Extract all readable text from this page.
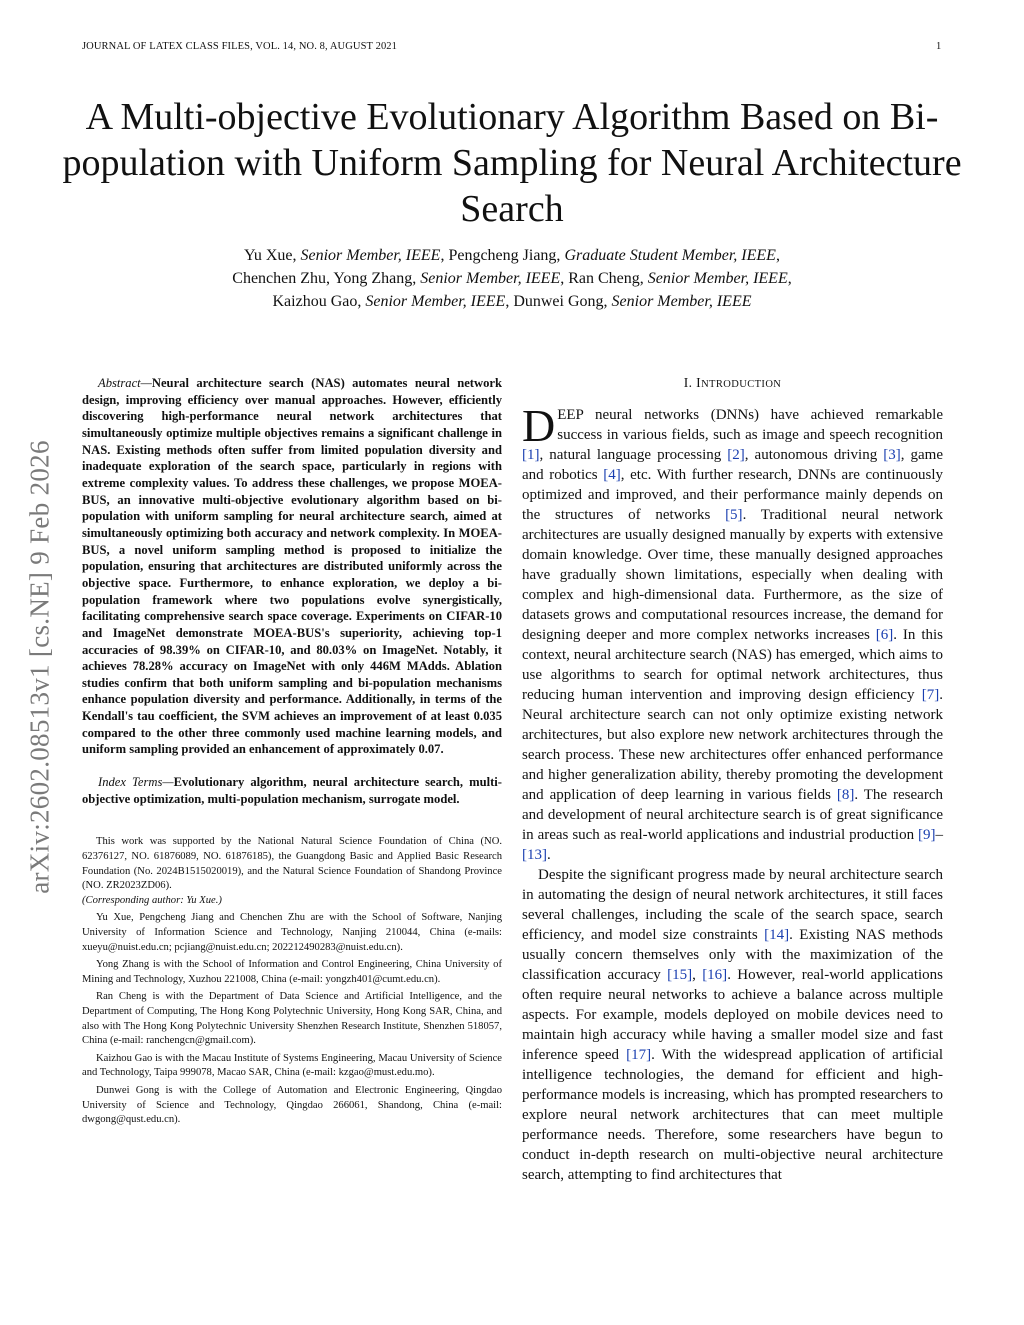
JOURNAL OF LATEX CLASS FILES, VOL. 14, NO. 8, AUGUST 2021	1
A Multi-objective Evolutionary Algorithm Based on Bi-population with Uniform Sampling for Neural Architecture Search
Yu Xue, Senior Member, IEEE, Pengcheng Jiang, Graduate Student Member, IEEE,
Chenchen Zhu, Yong Zhang, Senior Member, IEEE, Ran Cheng, Senior Member, IEEE,
Kaizhou Gao, Senior Member, IEEE, Dunwei Gong, Senior Member, IEEE
arXiv:2602.08513v1 [cs.NE] 9 Feb 2026

Abstract—Neural architecture search (NAS) automates neural network design, improving efficiency over manual approaches. However, efficiently discovering high-performance neural network architectures that simultaneously optimize multiple objectives remains a significant challenge in NAS. Existing methods often suffer from limited population diversity and inadequate exploration of the search space, particularly in regions with extreme complexity values. To address these challenges, we propose MOEA-BUS, an innovative multi-objective evolutionary algorithm based on bi-population with uniform sampling for neural architecture search, aimed at simultaneously optimizing both accuracy and network complexity. In MOEA-BUS, a novel uniform sampling method is proposed to initialize the population, ensuring that architectures are distributed uniformly across the objective space. Furthermore, to enhance exploration, we deploy a bi-population framework where two populations evolve synergistically, facilitating comprehensive search space coverage. Experiments on CIFAR-10 and ImageNet demonstrate MOEA-BUS's superiority, achieving top-1 accuracies of 98.39% on CIFAR-10, and 80.03% on ImageNet. Notably, it achieves 78.28% accuracy on ImageNet with only 446M MAdds. Ablation studies confirm that both uniform sampling and bi-population mechanisms enhance population diversity and performance. Additionally, in terms of the Kendall's tau coefficient, the SVM achieves an improvement of at least 0.035 compared to the other three commonly used machine learning models, and uniform sampling provided an enhancement of approximately 0.07.

Index Terms—Evolutionary algorithm, neural architecture search, multi-objective optimization, multi-population mechanism, surrogate model.

This work was supported by the National Natural Science Foundation of China (NO. 62376127, NO. 61876089, NO. 61876185), the Guangdong Basic and Applied Basic Research Foundation (No. 2024B1515020019), and the Natural Science Foundation of Shandong Province (NO. ZR2023ZD06).
(Corresponding author: Yu Xue.)

Yu Xue, Pengcheng Jiang and Chenchen Zhu are with the School of Software, Nanjing University of Information Science and Technology, Nanjing 210044, China (e-mails: xueyu@nuist.edu.cn; pcjiang@nuist.edu.cn; 202212490283@nuist.edu.cn).

Yong Zhang is with the School of Information and Control Engineering, China University of Mining and Technology, Xuzhou 221008, China (e-mail: yongzh401@cumt.edu.cn).

Ran Cheng is with the Department of Data Science and Artificial Intelligence, and the Department of Computing, The Hong Kong Polytechnic University, Hong Kong SAR, China, and also with The Hong Kong Polytechnic University Shenzhen Research Institute, Shenzhen 518057, China (e-mail: ranchengcn@gmail.com).

Kaizhou Gao is with the Macau Institute of Systems Engineering, Macau University of Science and Technology, Taipa 999078, Macao SAR, China (e-mail: kzgao@must.edu.mo).

Dunwei Gong is with the College of Automation and Electronic Engineering, Qingdao University of Science and Technology, Qingdao 266061, Shandong, China (e-mail: dwgong@qust.edu.cn).

I. INTRODUCTION

DEEP neural networks (DNNs) have achieved remarkable success in various fields, such as image and speech recognition [1], natural language processing [2], autonomous driving [3], game and robotics [4], etc. With further research, DNNs are continuously optimized and improved, and their performance mainly depends on the structures of networks [5]. Traditional neural network architectures are usually designed manually by experts with extensive domain knowledge. Over time, these manually designed approaches have gradually shown limitations, especially when dealing with complex and high-dimensional data. Furthermore, as the size of datasets grows and computational resources increase, the demand for designing deeper and more complex networks increases [6]. In this context, neural architecture search (NAS) has emerged, which aims to use algorithms to search for optimal network architectures, thus reducing human intervention and improving design efficiency [7]. Neural architecture search can not only optimize existing network architectures, but also explore new network architectures through the search process. These new architectures offer enhanced performance and higher generalization ability, thereby promoting the development and application of deep learning in various fields [8]. The research and development of neural architecture search is of great significance in areas such as real-world applications and industrial production [9]–[13].

Despite the significant progress made by neural architecture search in automating the design of neural network architectures, it still faces several challenges, including the scale of the search space, search efficiency, and model size constraints [14]. Existing NAS methods usually concern themselves only with the maximization of the classification accuracy [15], [16]. However, real-world applications often require neural networks to achieve a balance across multiple aspects. For example, models deployed on mobile devices need to maintain high accuracy while having a smaller model size and fast inference speed [17]. With the widespread application of artificial intelligence technologies, the demand for efficient and high-performance models is increasing, which has prompted researchers to explore neural network architectures that can meet multiple performance needs. Therefore, some researchers have begun to conduct in-depth research on multi-objective neural architecture search, attempting to find architectures that
